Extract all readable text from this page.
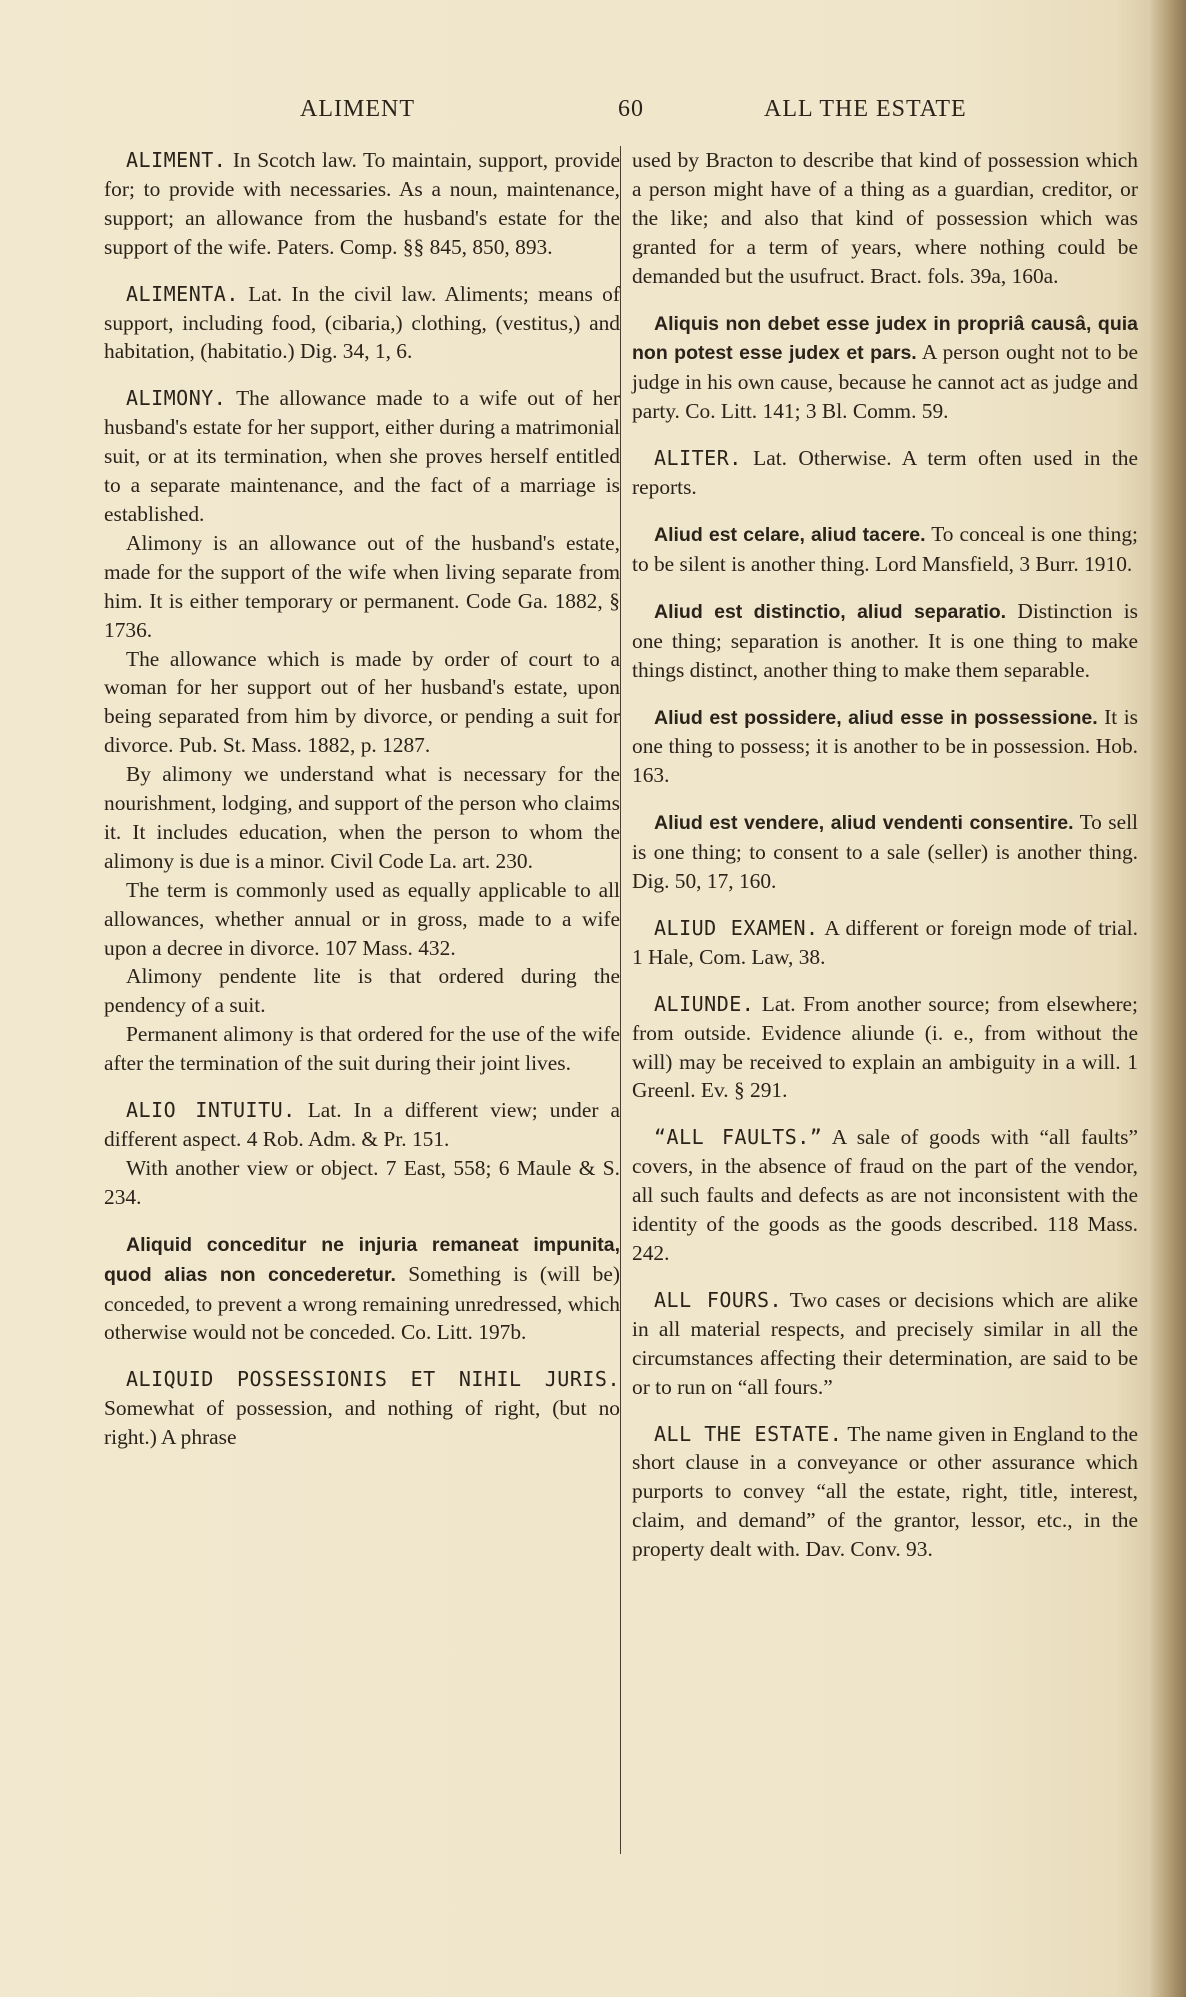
ALIMENT	60	ALL THE ESTATE

ALIMENT. In Scotch law. To maintain, support, provide for; to provide with necessaries. As a noun, maintenance, support; an allowance from the husband's estate for the support of the wife. Paters. Comp. §§ 845, 850, 893.

ALIMENTA. Lat. In the civil law. Aliments; means of support, including food, (cibaria,) clothing, (vestitus,) and habitation, (habitatio.) Dig. 34, 1, 6.

ALIMONY. The allowance made to a wife out of her husband's estate for her support, either during a matrimonial suit, or at its termination, when she proves herself entitled to a separate maintenance, and the fact of a marriage is established.

Alimony is an allowance out of the husband's estate, made for the support of the wife when living separate from him. It is either temporary or permanent. Code Ga. 1882, § 1736.

The allowance which is made by order of court to a woman for her support out of her husband's estate, upon being separated from him by divorce, or pending a suit for divorce. Pub. St. Mass. 1882, p. 1287.

By alimony we understand what is necessary for the nourishment, lodging, and support of the person who claims it. It includes education, when the person to whom the alimony is due is a minor. Civil Code La. art. 230.

The term is commonly used as equally applicable to all allowances, whether annual or in gross, made to a wife upon a decree in divorce. 107 Mass. 432.

Alimony pendente lite is that ordered during the pendency of a suit.

Permanent alimony is that ordered for the use of the wife after the termination of the suit during their joint lives.

ALIO INTUITU. Lat. In a different view; under a different aspect. 4 Rob. Adm. & Pr. 151.

With another view or object. 7 East, 558; 6 Maule & S. 234.

Aliquid conceditur ne injuria remaneat impunita, quod alias non concederetur. Something is (will be) conceded, to prevent a wrong remaining unredressed, which otherwise would not be conceded. Co. Litt. 197b.

ALIQUID POSSESSIONIS ET NIHIL JURIS. Somewhat of possession, and nothing of right, (but no right.) A phrase

used by Bracton to describe that kind of possession which a person might have of a thing as a guardian, creditor, or the like; and also that kind of possession which was granted for a term of years, where nothing could be demanded but the usufruct. Bract. fols. 39a, 160a.

Aliquis non debet esse judex in propriâ causâ, quia non potest esse judex et pars. A person ought not to be judge in his own cause, because he cannot act as judge and party. Co. Litt. 141; 3 Bl. Comm. 59.

ALITER. Lat. Otherwise. A term often used in the reports.

Aliud est celare, aliud tacere. To conceal is one thing; to be silent is another thing. Lord Mansfield, 3 Burr. 1910.

Aliud est distinctio, aliud separatio. Distinction is one thing; separation is another. It is one thing to make things distinct, another thing to make them separable.

Aliud est possidere, aliud esse in possessione. It is one thing to possess; it is another to be in possession. Hob. 163.

Aliud est vendere, aliud vendenti consentire. To sell is one thing; to consent to a sale (seller) is another thing. Dig. 50, 17, 160.

ALIUD EXAMEN. A different or foreign mode of trial. 1 Hale, Com. Law, 38.

ALIUNDE. Lat. From another source; from elsewhere; from outside. Evidence aliunde (i. e., from without the will) may be received to explain an ambiguity in a will. 1 Greenl. Ev. § 291.

“ALL FAULTS.” A sale of goods with “all faults” covers, in the absence of fraud on the part of the vendor, all such faults and defects as are not inconsistent with the identity of the goods as the goods described. 118 Mass. 242.

ALL FOURS. Two cases or decisions which are alike in all material respects, and precisely similar in all the circumstances affecting their determination, are said to be or to run on “all fours.”

ALL THE ESTATE. The name given in England to the short clause in a conveyance or other assurance which purports to convey “all the estate, right, title, interest, claim, and demand” of the grantor, lessor, etc., in the property dealt with. Dav. Conv. 93.
